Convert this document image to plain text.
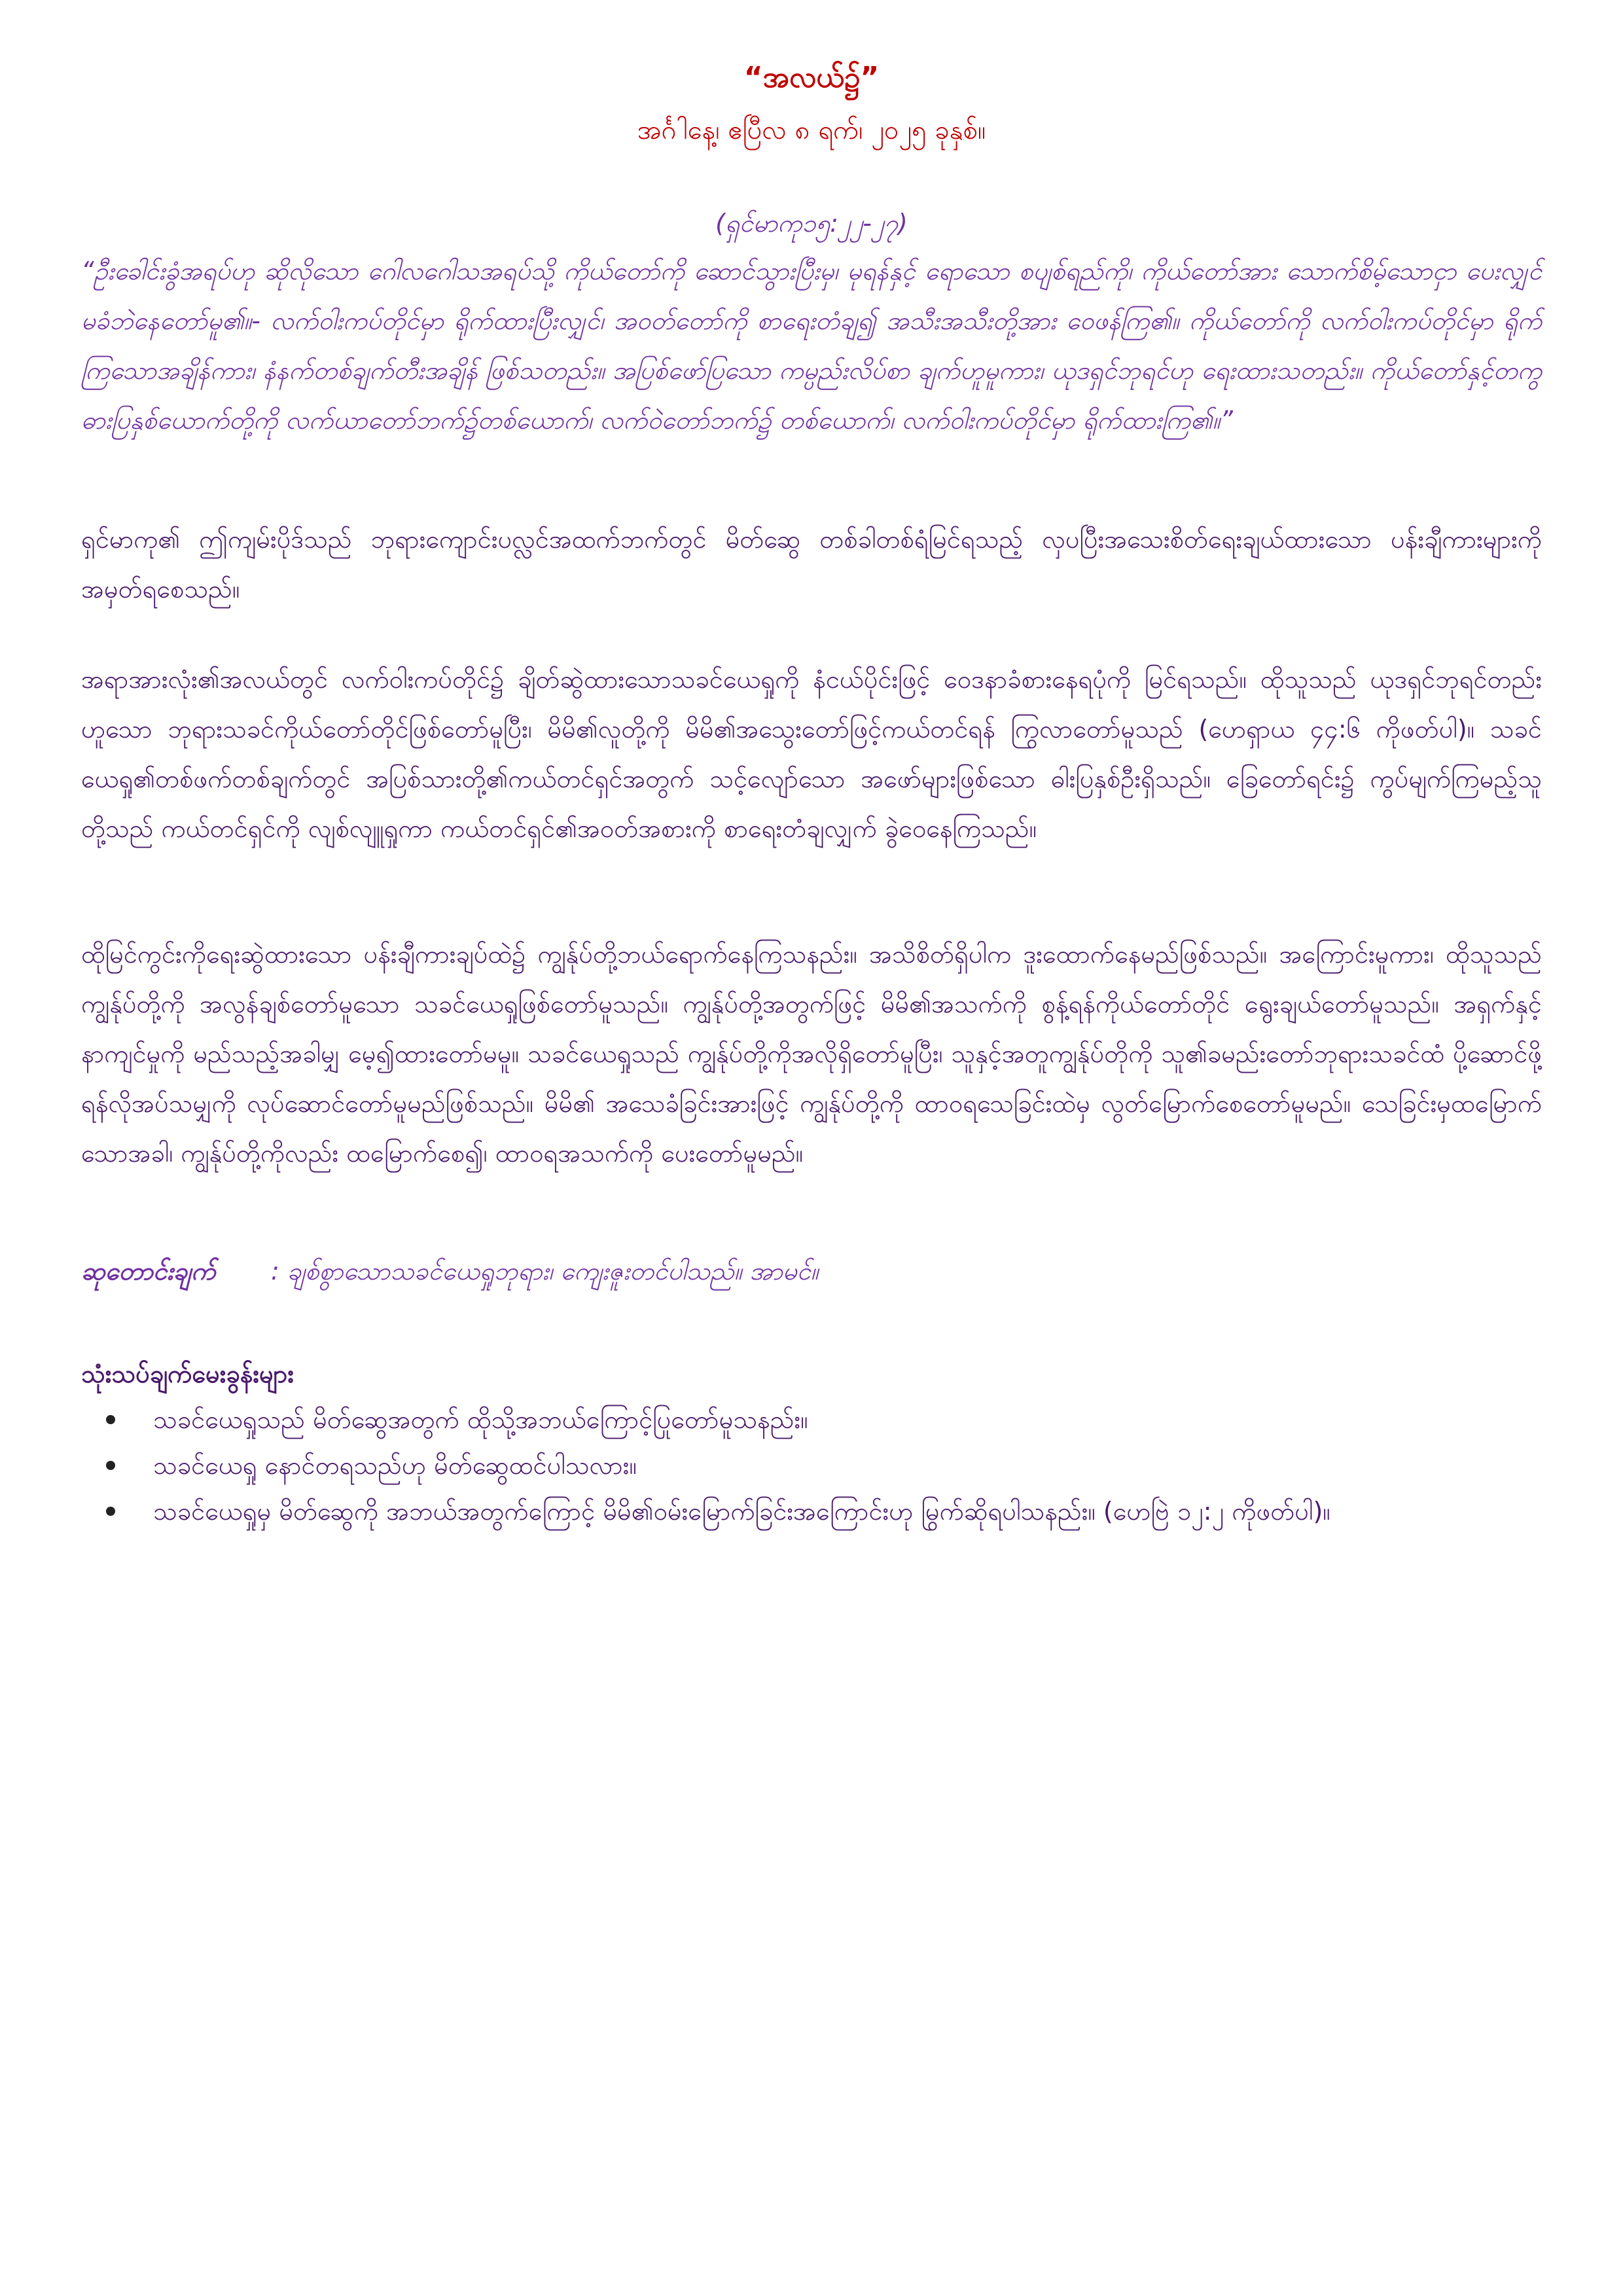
“အလယ်၌”
အင်္ဂါနေ့၊ ဧပြီလ ၈ ရက်၊ ၂၀၂၅ ခုနှစ်။
(ရှင်မာကု၁၅:၂၂-၂၇)
“ဦးခေါင်းခွံအရပ်ဟု ဆိုလိုသော ဂေါလဂေါသအရပ်သို့ ကိုယ်တော်ကို ဆောင်သွားပြီးမှ၊ မုရန်နှင့် ရောသော စပျစ်ရည်ကို၊ ကိုယ်တော်အား သောက်စိမ့်သောငှာ ပေးလျှင် မခံဘဲနေတော်မူ၏။- လက်ဝါးကပ်တိုင်မှာ ရိုက်ထားပြီးလျှင်၊ အဝတ်တော်ကို စာရေးတံချ၍ အသီးအသီးတို့အား ဝေဖန်ကြ၏။ ကိုယ်တော်ကို လက်ဝါးကပ်တိုင်မှာ ရိုက်ကြသောအချိန်ကား၊ နံနက်တစ်ချက်တီးအချိန် ဖြစ်သတည်း။ အပြစ်ဖော်ပြသော ကမ္ပည်းလိပ်စာ ချက်ဟူမူကား၊ ယုဒရှင်ဘုရင်ဟု ရေးထားသတည်း။ ကိုယ်တော်နှင့်တကွ ဓားပြနှစ်ယောက်တို့ကို လက်ယာတော်ဘက်၌တစ်ယောက်၊ လက်ဝဲတော်ဘက်၌ တစ်ယောက်၊ လက်ဝါးကပ်တိုင်မှာ ရိုက်ထားကြ၏။”
ရှင်မာကု၏ ဤကျမ်းပိုဒ်သည် ဘုရားကျောင်းပလ္လင်အထက်ဘက်တွင် မိတ်ဆွေ တစ်ခါတစ်ရံမြင်ရသည့် လှပပြီးအသေးစိတ်ရေးချယ်ထားသော ပန်းချီကားများကို အမှတ်ရစေသည်။
အရာအားလုံး၏အလယ်တွင် လက်ဝါးကပ်တိုင်၌ ချိတ်ဆွဲထားသောသခင်ယေရှုကို နံငယ်ပိုင်းဖြင့် ဝေဒနာခံစားနေရပုံကို မြင်ရသည်။ ထိုသူသည် ယုဒရှင်ဘုရင်တည်းဟူသော ဘုရားသခင်ကိုယ်တော်တိုင်ဖြစ်တော်မူပြီး၊ မိမိ၏လူတို့ကို မိမိ၏အသွေးတော်ဖြင့်ကယ်တင်ရန် ကြွလာတော်မူသည် (ဟေရှာယ ၄၄:၆ ကိုဖတ်ပါ)။ သခင်ယေရှု၏တစ်ဖက်တစ်ချက်တွင် အပြစ်သားတို့၏ကယ်တင်ရှင်အတွက် သင့်လျော်သော အဖော်များဖြစ်သော ဓါးပြနှစ်ဦးရှိသည်။ ခြေတော်ရင်း၌ ကွပ်မျက်ကြမည့်သူတို့သည် ကယ်တင်ရှင်ကို လျစ်လျူရှုကာ ကယ်တင်ရှင်၏အဝတ်အစားကို စာရေးတံချလျှက် ခွဲဝေနေကြသည်။
ထိုမြင်ကွင်းကိုရေးဆွဲထားသော ပန်းချီကားချပ်ထဲ၌ ကျွန်ုပ်တို့ဘယ်ရောက်နေကြသနည်း။ အသိစိတ်ရှိပါက ဒူးထောက်နေမည်ဖြစ်သည်။ အကြောင်းမူကား၊ ထိုသူသည်ကျွန်ုပ်တို့ကို အလွန်ချစ်တော်မူသော သခင်ယေရှုဖြစ်တော်မူသည်။ ကျွန်ုပ်တို့အတွက်ဖြင့် မိမိ၏အသက်ကို စွန့်ရန်ကိုယ်တော်တိုင် ရွေးချယ်တော်မူသည်။ အရှက်နှင့်နာကျင်မှုကို မည်သည့်အခါမျှ မေ့၍ထားတော်မမူ။ သခင်ယေရှုသည် ကျွန်ုပ်တို့ကိုအလိုရှိတော်မူပြီး၊ သူနှင့်အတူကျွန်ုပ်တိုကို သူ၏ခမည်းတော်ဘုရားသခင်ထံ ပို့ဆောင်ဖို့ရန်လိုအပ်သမျှကို လုပ်ဆောင်တော်မူမည်ဖြစ်သည်။ မိမိ၏ အသေခံခြင်းအားဖြင့် ကျွန်ုပ်တို့ကို ထာဝရသေခြင်းထဲမှ လွတ်မြောက်စေတော်မူမည်။ သေခြင်းမှထမြောက်သောအခါ၊ ကျွန်ုပ်တို့ကိုလည်း ထမြောက်စေ၍၊ ထာဝရအသက်ကို ပေးတော်မူမည်။
ဆုတောင်းချက် : ချစ်စွာသောသခင်ယေရှုဘုရား၊ ကျေးဇူးတင်ပါသည်။ အာမင်။
သုံးသပ်ချက်မေးခွန်းများ
သခင်ယေရှုသည် မိတ်ဆွေအတွက် ထိုသို့အဘယ်ကြောင့်ပြုတော်မူသနည်း။
သခင်ယေရှု နောင်တရသည်ဟု မိတ်ဆွေထင်ပါသလား။
သခင်ယေရှုမှ မိတ်ဆွေကို အဘယ်အတွက်ကြောင့် မိမိ၏ဝမ်းမြောက်ခြင်းအကြောင်းဟု မြွက်ဆိုရပါသနည်း။ (ဟေဗြဲ ၁၂:၂ ကိုဖတ်ပါ)။
